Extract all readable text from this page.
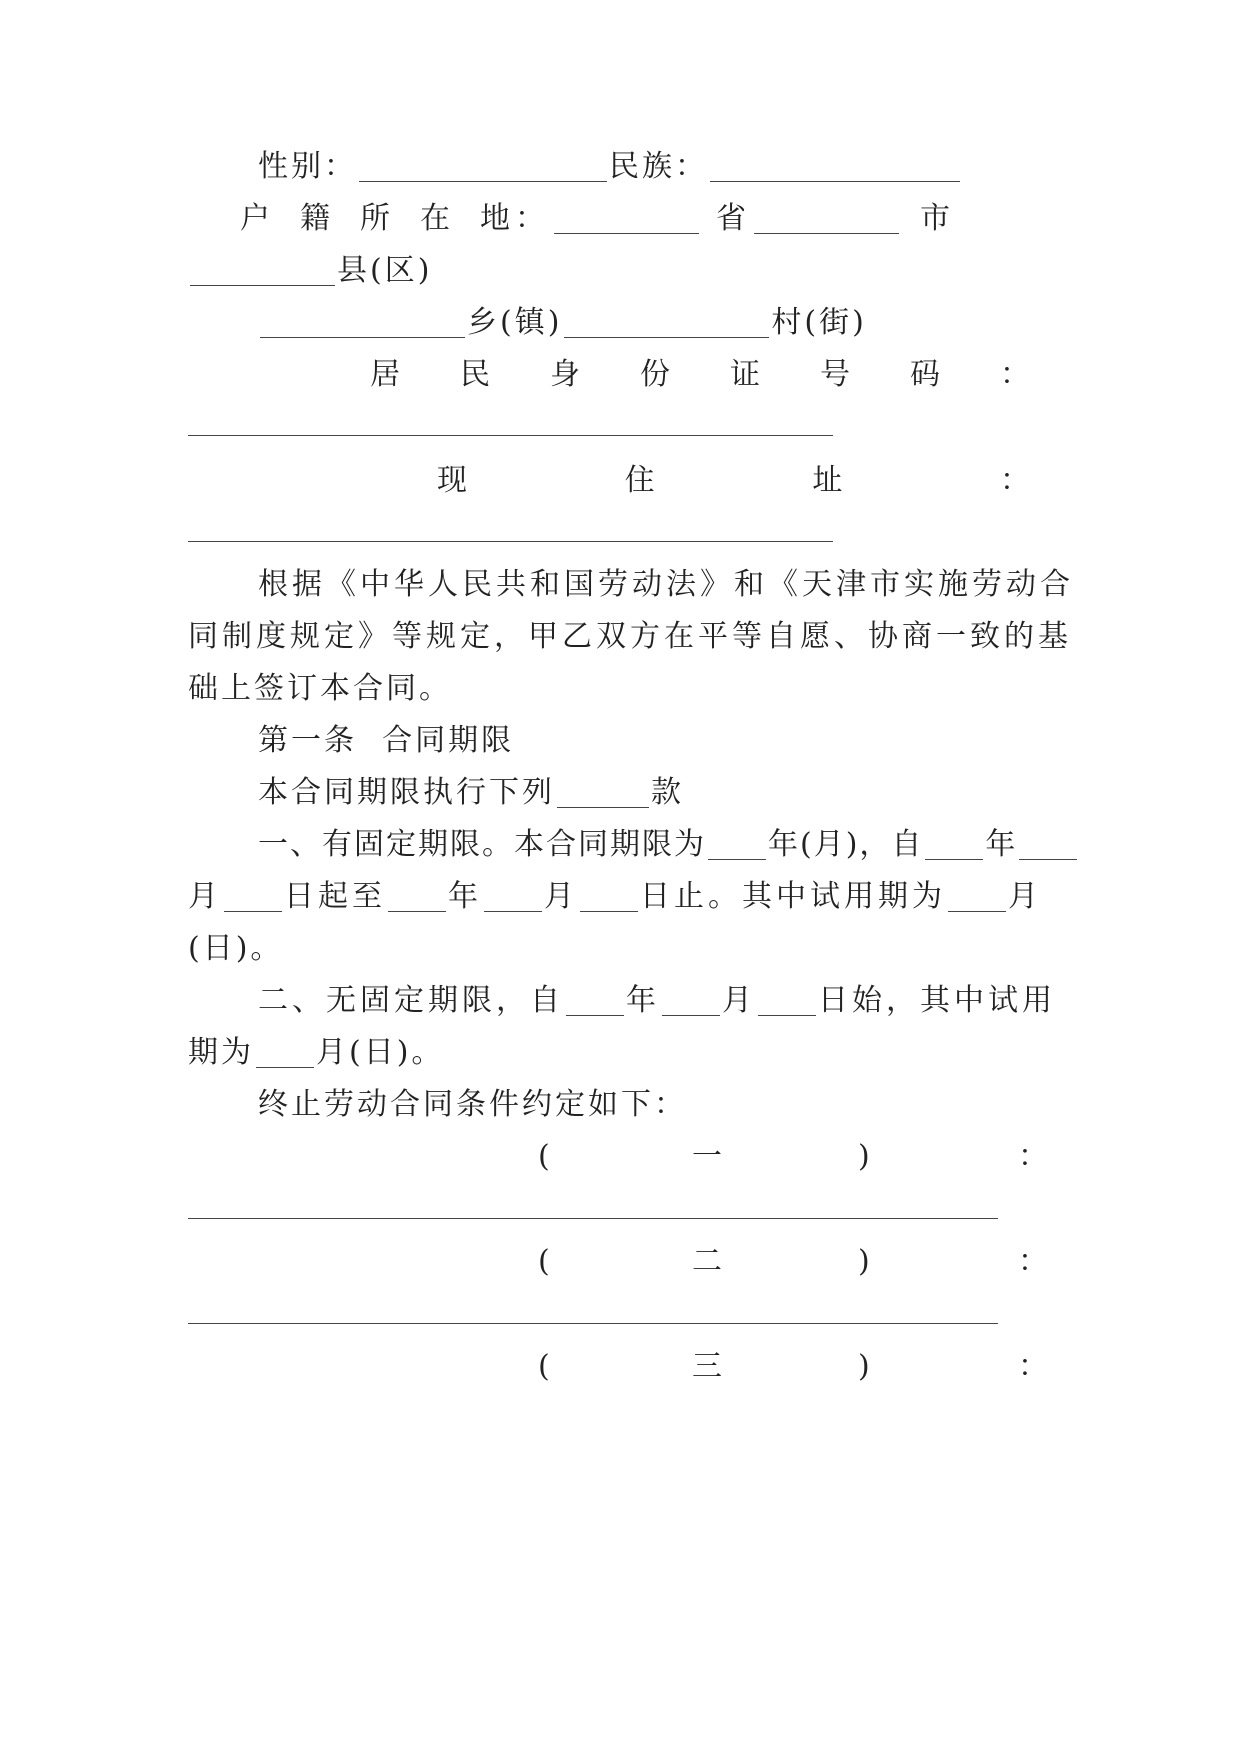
性别：	民族：
户 籍 所 在 地 ：	省	市
县(区)
乡(镇)	村(街)
居 民 身 份 证 号 码 ：
现	住	址	：
根据《中华人民共和国劳动法》和《天津市实施劳动合
同制度规定》等规定，甲乙双方在平等自愿、协商一致的基
础上签订本合同。
第一条  合同期限
本合同期限执行下列	款
一、有固定期限。本合同期限为 年(月)，自 年
月 日起至 年 月 日止。其中试用期为 月
(日)。
二、无固定期限，自 年 月 日始，其中试用
期为 月(日)。
终止劳动合同条件约定如下：
(	一	)	：
(	二	)	：
(	三	)	：
